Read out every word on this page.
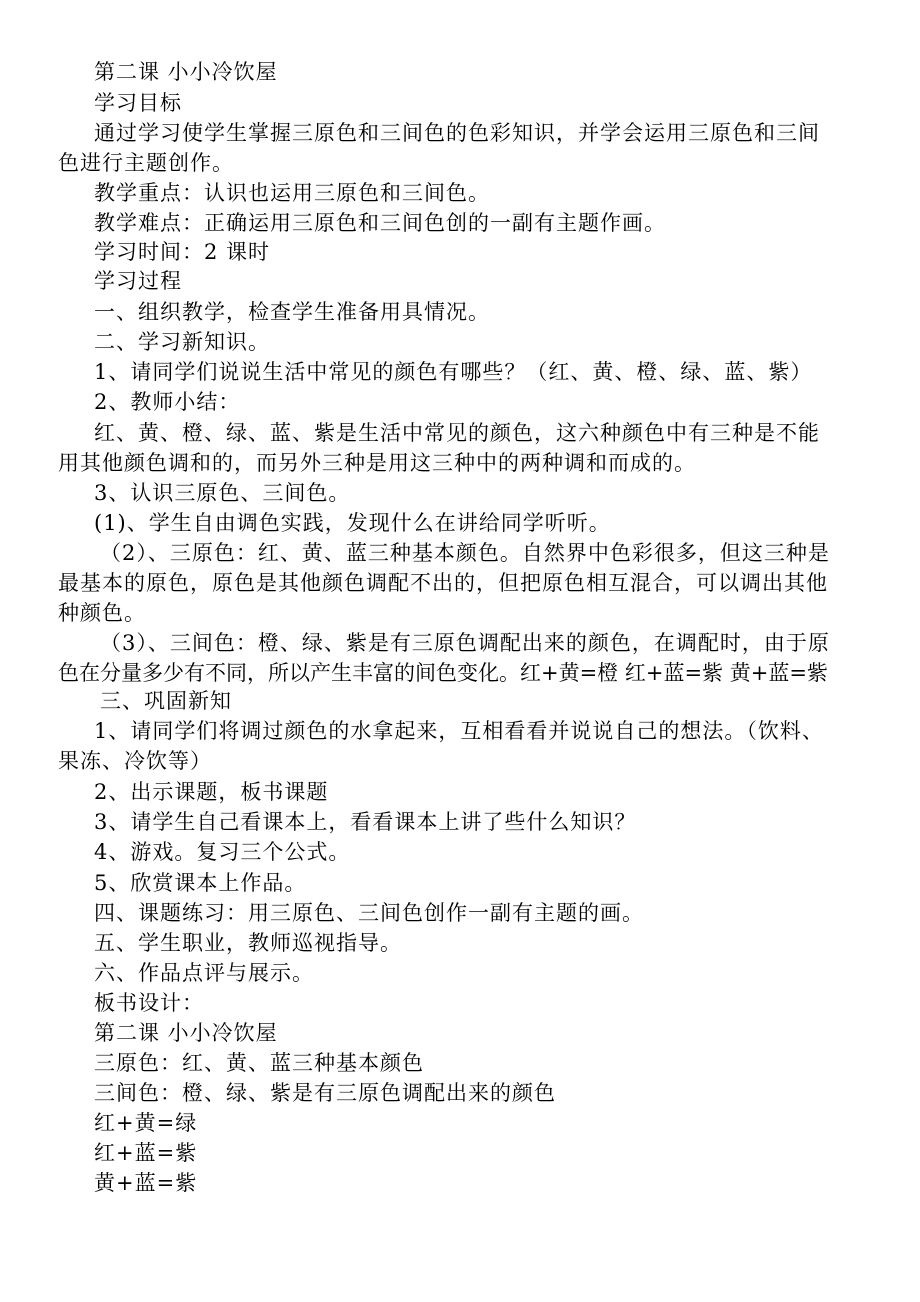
第二课 小小冷饮屋
学习目标
通过学习使学生掌握三原色和三间色的色彩知识，并学会运用三原色和三间
色进行主题创作。
教学重点：认识也运用三原色和三间色。
教学难点：正确运用三原色和三间色创的一副有主题作画。
学习时间：2 课时
学习过程
一、组织教学，检查学生准备用具情况。
二、学习新知识。
1、请同学们说说生活中常见的颜色有哪些？（红、黄、橙、绿、蓝、紫）
2、教师小结：
红、黄、橙、绿、蓝、紫是生活中常见的颜色，这六种颜色中有三种是不能
用其他颜色调和的，而另外三种是用这三种中的两种调和而成的。
3、认识三原色、三间色。
(1)、学生自由调色实践，发现什么在讲给同学听听。
（2）、三原色：红、黄、蓝三种基本颜色。自然界中色彩很多，但这三种是
最基本的原色，原色是其他颜色调配不出的，但把原色相互混合，可以调出其他
种颜色。
（3）、三间色：橙、绿、紫是有三原色调配出来的颜色，在调配时，由于原
色在分量多少有不同，所以产生丰富的间色变化。红+黄=橙 红+蓝=紫 黄+蓝=紫
三、巩固新知
1、请同学们将调过颜色的水拿起来，互相看看并说说自己的想法。（饮料、
果冻、冷饮等）
2、出示课题，板书课题
3、请学生自己看课本上，看看课本上讲了些什么知识？
4、游戏。复习三个公式。
5、欣赏课本上作品。
四、课题练习：用三原色、三间色创作一副有主题的画。
五、学生职业，教师巡视指导。
六、作品点评与展示。
板书设计：
第二课 小小冷饮屋
三原色：红、黄、蓝三种基本颜色
三间色：橙、绿、紫是有三原色调配出来的颜色
红+黄=绿
红+蓝=紫
黄+蓝=紫
